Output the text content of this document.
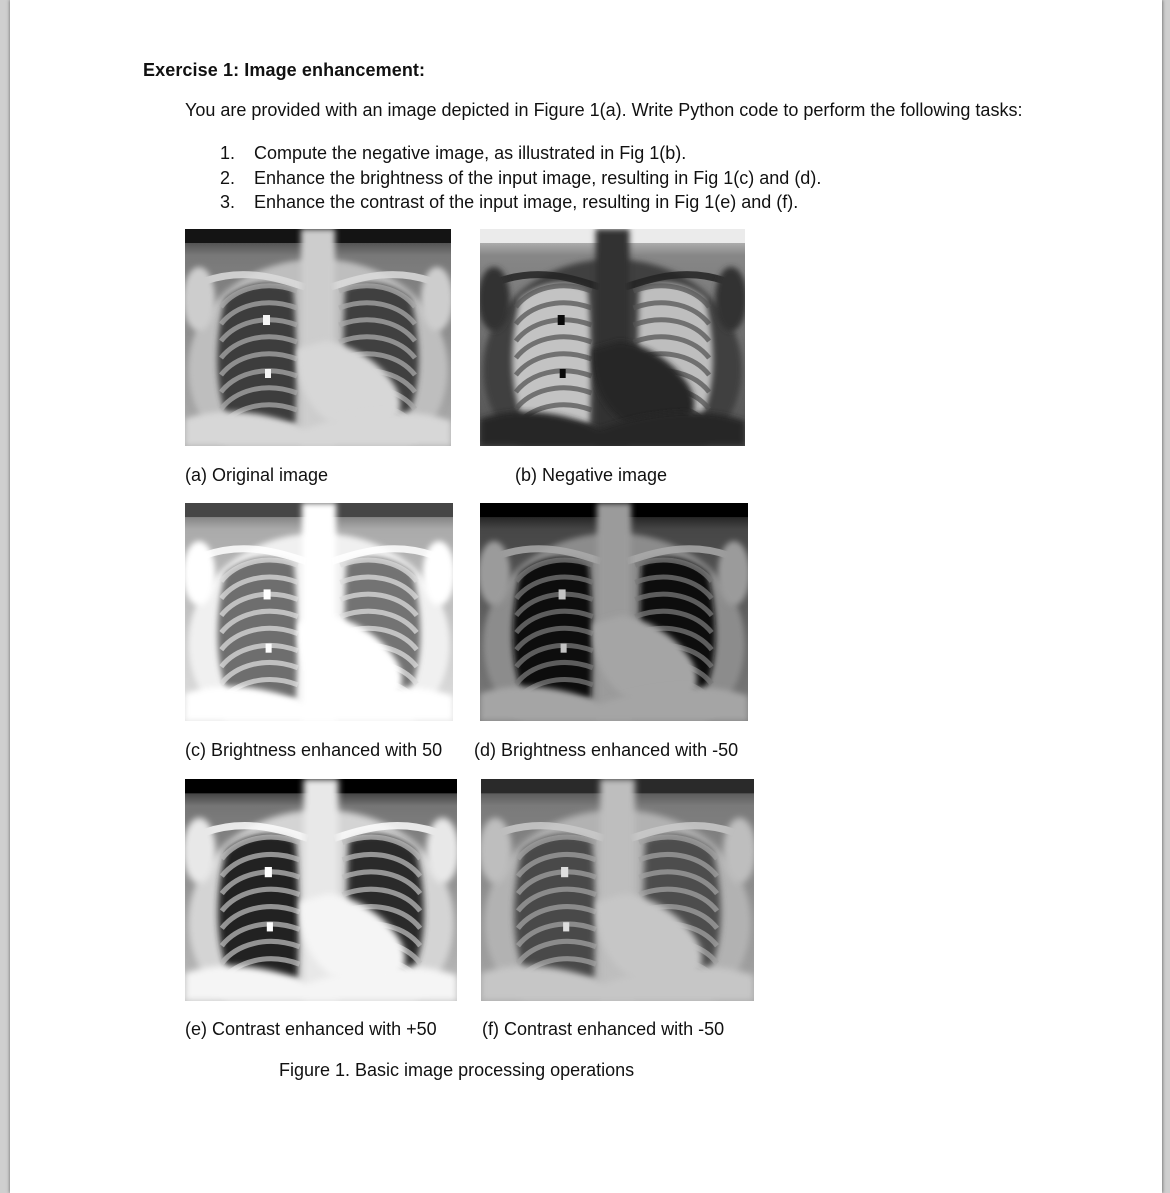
Exercise 1: Image enhancement:
You are provided with an image depicted in Figure 1(a). Write Python code to perform the following tasks:
1. Compute the negative image, as illustrated in Fig 1(b).
2. Enhance the brightness of the input image, resulting in Fig 1(c) and (d).
3. Enhance the contrast of the input image, resulting in Fig 1(e) and (f).
(a) Original image	(b) Negative image
(c) Brightness enhanced with 50 (d) Brightness enhanced with -50
(e) Contrast enhanced with +50	(f) Contrast enhanced with -50
Figure 1. Basic image processing operations
